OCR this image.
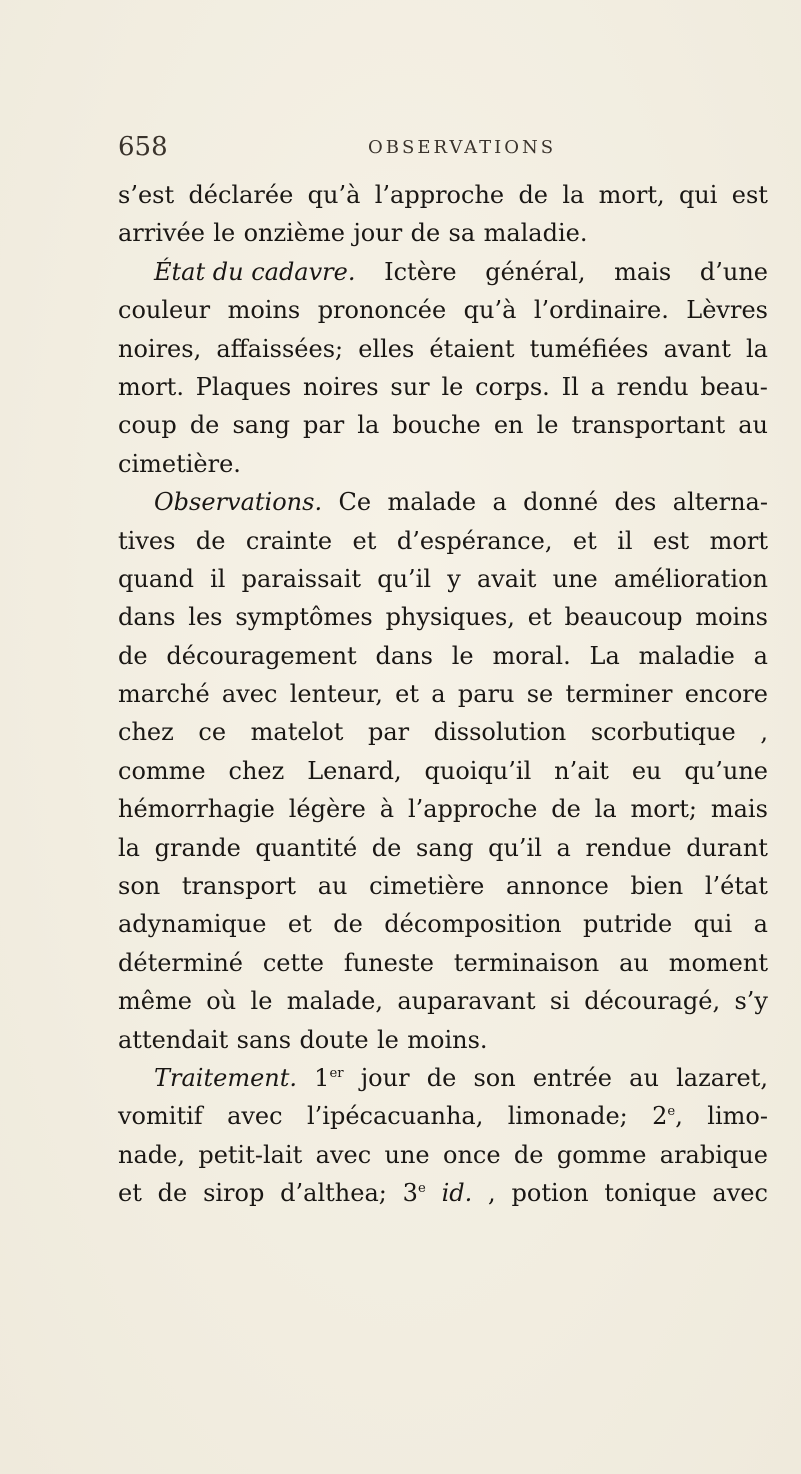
658	OBSERVATIONS
s’est déclarée qu’à l’approche de la mort, qui est
arrivée le onzième jour de sa maladie.
État du cadavre. Ictère général, mais d’une
couleur moins prononcée qu’à l’ordinaire. Lèvres
noires, affaissées; elles étaient tuméfiées avant la
mort. Plaques noires sur le corps. Il a rendu beau-
coup de sang par la bouche en le transportant au
cimetière.
Observations. Ce malade a donné des alterna-
tives de crainte et d’espérance, et il est mort
quand il paraissait qu’il y avait une amélioration
dans les symptômes physiques, et beaucoup moins
de découragement dans le moral. La maladie a
marché avec lenteur, et a paru se terminer encore
chez ce matelot par dissolution scorbutique ,
comme chez Lenard, quoiqu’il n’ait eu qu’une
hémorrhagie légère à l’approche de la mort; mais
la grande quantité de sang qu’il a rendue durant
son transport au cimetière annonce bien l’état
adynamique et de décomposition putride qui a
déterminé cette funeste terminaison au moment
même où le malade, auparavant si découragé, s’y
attendait sans doute le moins.
Traitement. 1er jour de son entrée au lazaret,
vomitif avec l’ipécacuanha, limonade; 2e, limo-
nade, petit-lait avec une once de gomme arabique
et de sirop d’althea; 3e id. , potion tonique avec
